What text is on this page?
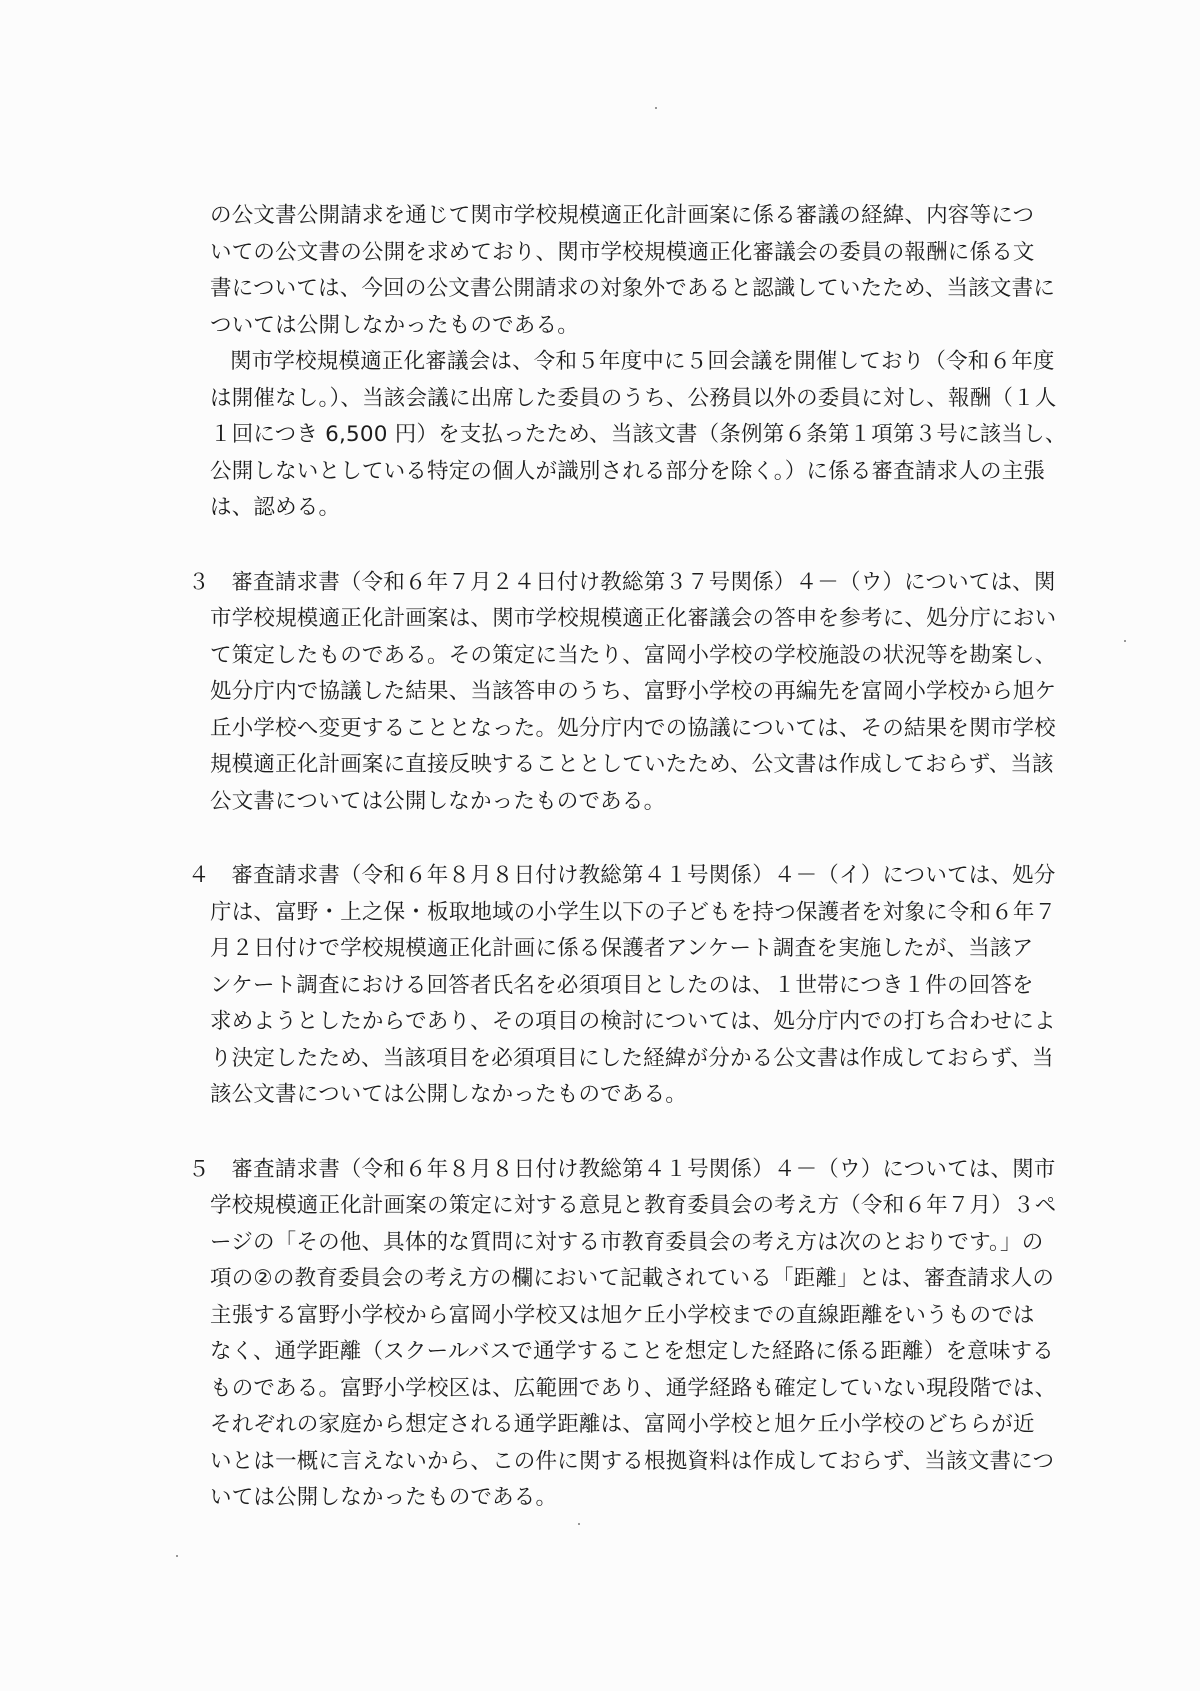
の公文書公開請求を通じて関市学校規模適正化計画案に係る審議の経緯、内容等につ
いての公文書の公開を求めており、関市学校規模適正化審議会の委員の報酬に係る文
書については、今回の公文書公開請求の対象外であると認識していたため、当該文書に
ついては公開しなかったものである。
関市学校規模適正化審議会は、令和５年度中に５回会議を開催しており（令和６年度
は開催なし。）、当該会議に出席した委員のうち、公務員以外の委員に対し、報酬（１人
１回につき 6,500 円）を支払ったため、当該文書（条例第６条第１項第３号に該当し、
公開しないとしている特定の個人が識別される部分を除く。）に係る審査請求人の主張
は、認める。
３　審査請求書（令和６年７月２４日付け教総第３７号関係）４－（ウ）については、関
市学校規模適正化計画案は、関市学校規模適正化審議会の答申を参考に、処分庁におい
て策定したものである。その策定に当たり、富岡小学校の学校施設の状況等を勘案し、
処分庁内で協議した結果、当該答申のうち、富野小学校の再編先を富岡小学校から旭ケ
丘小学校へ変更することとなった。処分庁内での協議については、その結果を関市学校
規模適正化計画案に直接反映することとしていたため、公文書は作成しておらず、当該
公文書については公開しなかったものである。
４　審査請求書（令和６年８月８日付け教総第４１号関係）４－（イ）については、処分
庁は、富野・上之保・板取地域の小学生以下の子どもを持つ保護者を対象に令和６年７
月２日付けで学校規模適正化計画に係る保護者アンケート調査を実施したが、当該ア
ンケート調査における回答者氏名を必須項目としたのは、１世帯につき１件の回答を
求めようとしたからであり、その項目の検討については、処分庁内での打ち合わせによ
り決定したため、当該項目を必須項目にした経緯が分かる公文書は作成しておらず、当
該公文書については公開しなかったものである。
５　審査請求書（令和６年８月８日付け教総第４１号関係）４－（ウ）については、関市
学校規模適正化計画案の策定に対する意見と教育委員会の考え方（令和６年７月）３ペ
ージの「その他、具体的な質問に対する市教育委員会の考え方は次のとおりです。」の
項の②の教育委員会の考え方の欄において記載されている「距離」とは、審査請求人の
主張する富野小学校から富岡小学校又は旭ケ丘小学校までの直線距離をいうものでは
なく、通学距離（スクールバスで通学することを想定した経路に係る距離）を意味する
ものである。富野小学校区は、広範囲であり、通学経路も確定していない現段階では、
それぞれの家庭から想定される通学距離は、富岡小学校と旭ケ丘小学校のどちらが近
いとは一概に言えないから、この件に関する根拠資料は作成しておらず、当該文書につ
いては公開しなかったものである。
